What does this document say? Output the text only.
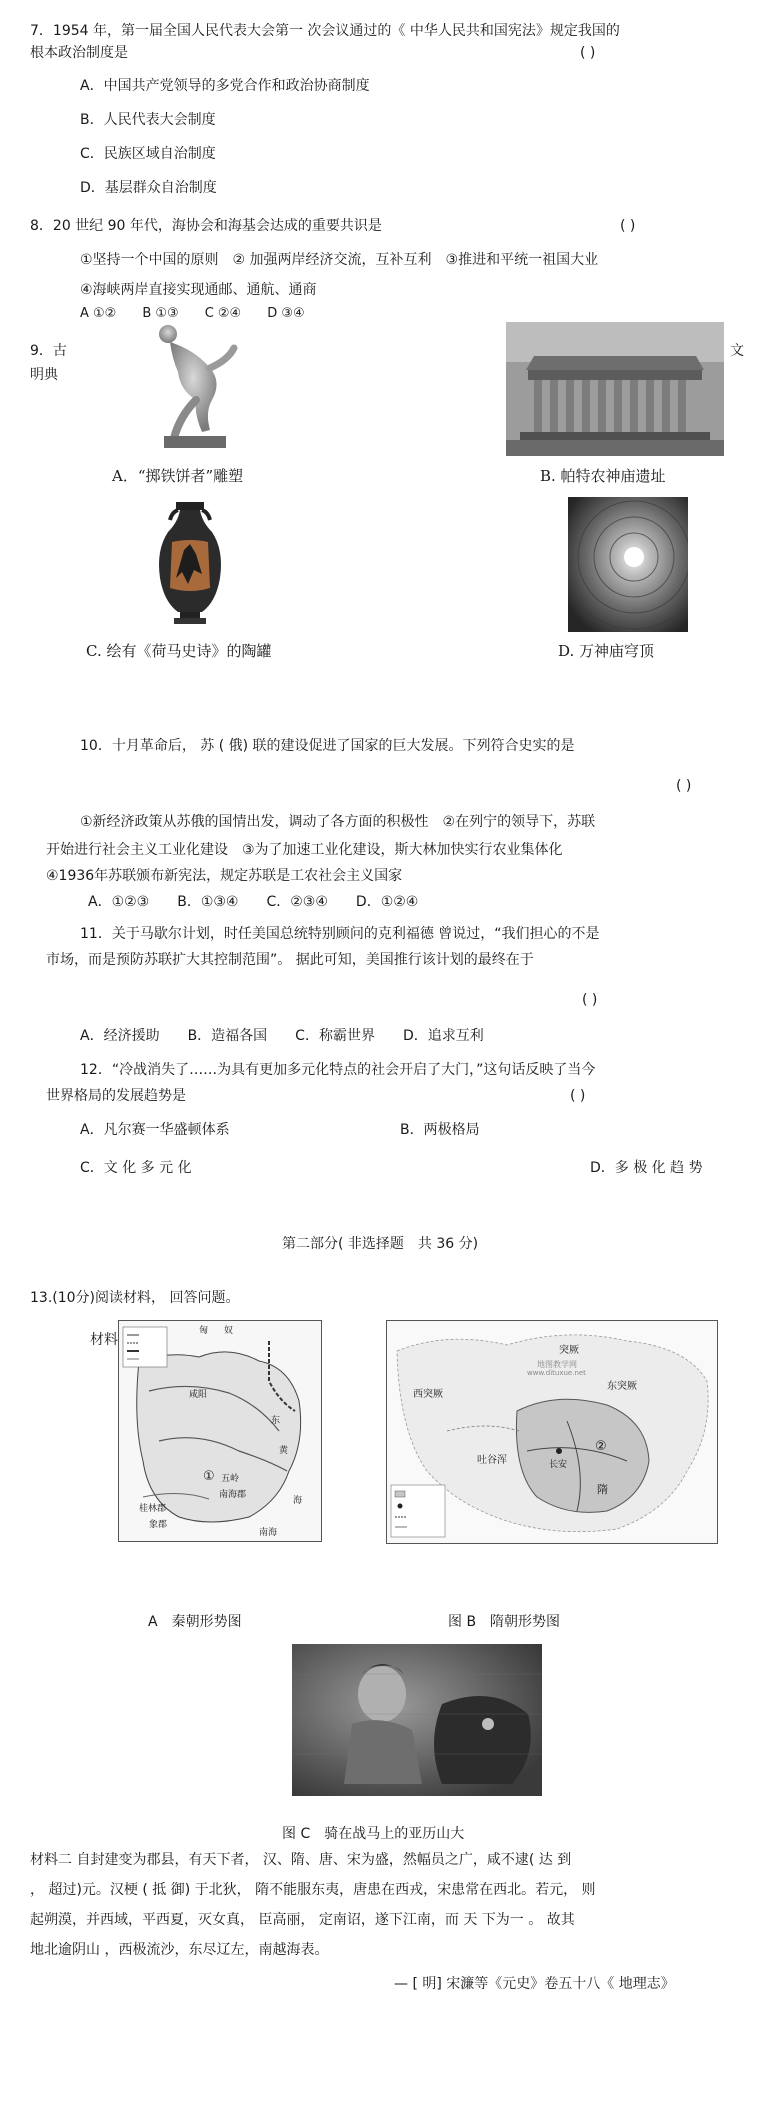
7．1954 年，第一届全国人民代表大会第一 次会议通过的《 中华人民共和国宪法》规定我国的
根本政治制度是	( )
A．中国共产党领导的多党合作和政治协商制度
B．人民代表大会制度
C．民族区域自治制度
D．基层群众自治制度
8．20 世纪 90 年代，海协会和海基会达成的重要共识是	( )
①坚持一个中国的原则　② 加强两岸经济交流，互补互利　③推进和平统一祖国大业
④海峡两岸直接实现通邮、通航、通商
A ①②　　B ①③　　C ②④　　D ③④
9．古	文
明典
A．“掷铁饼者”雕塑	B. 帕特农神庙遗址
C. 绘有《荷马史诗》的陶罐	D. 万神庙穹顶
10．十月革命后， 苏 ( 俄) 联的建设促进了国家的巨大发展。下列符合史实的是
( )
①新经济政策从苏俄的国情出发，调动了各方面的积极性　②在列宁的领导下，苏联
开始进行社会主义工业化建设　③为了加速工业化建设，斯大林加快实行农业集体化
④1936年苏联颁布新宪法，规定苏联是工农社会主义国家
A．①②③　　B．①③④　　C．②③④　　D．①②④
11．关于马歇尔计划，时任美国总统特别顾问的克利福德 曾说过，“我们担心的不是
市场，而是预防苏联扩大其控制范围”。 据此可知，美国推行该计划的最终在于
( )
A．经济援助　　B．造福各国　　C．称霸世界　　D．追求互利
12．“冷战消失了……为具有更加多元化特点的社会开启了大门，”这句话反映了当今
世界格局的发展趋势是	( )
A．凡尔赛一华盛顿体系	B．两极格局
C．文 化 多 元 化	D．多 极 化 趋 势
第二部分( 非选择题　共 36 分)
13.(10分)阅读材料， 回答问题。
材料
匈 奴
咸阳
东
黄
海
南海郡
桂林郡
象郡
五岭
南海
①
A　秦朝形势图
地图教学网
www.dituxue.net
突厥
东突厥
吐谷浑
西突厥
长安
②
隋
图 B　隋朝形势图
图 C　骑在战马上的亚历山大
材料二 自封建变为郡县，有天下者， 汉、隋、唐、宋为盛，然幅员之广，咸不逮( 达 到
， 超过)元。汉梗 ( 抵 御) 于北狄， 隋不能服东夷，唐患在西戎，宋患常在西北。若元， 则
起朔漠，并西域，平西夏，灭女真， 臣高丽， 定南诏，遂下江南，而 天 下为一 。 故其
地北逾阴山 ，西极流沙，东尽辽左，南越海表。
— [ 明] 宋濂等《元史》卷五十八《 地理志》
